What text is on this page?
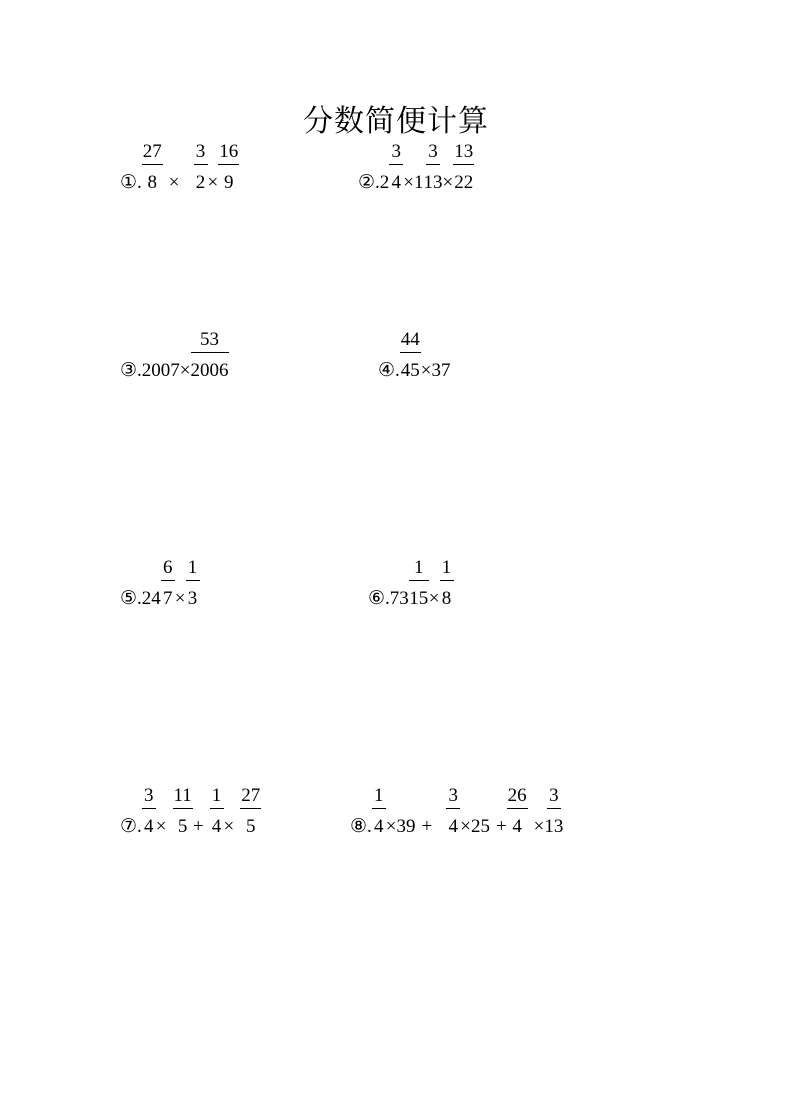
分数简便计算
①. $\frac{27}{8} \times \frac{3}{2} \times \frac{16}{9}$	②. $2 \frac{3}{4} \times 1 \frac{3}{13} \times \frac{13}{22}$
③. $2007 \times \frac{53}{2006}$	④. $\frac{44}{45} \times 37$
⑤. $24 \frac{6}{7} \times \frac{1}{3}$	⑥. $73 \frac{1}{15} \times \frac{1}{8}$
⑦. $\frac{3}{4} \times \frac{11}{5} + \frac{1}{4} \times \frac{27}{5}$	⑧. $\frac{1}{4} \times 39 + \frac{3}{4} \times 25 + \frac{26}{4} \times \frac{3}{13}$
